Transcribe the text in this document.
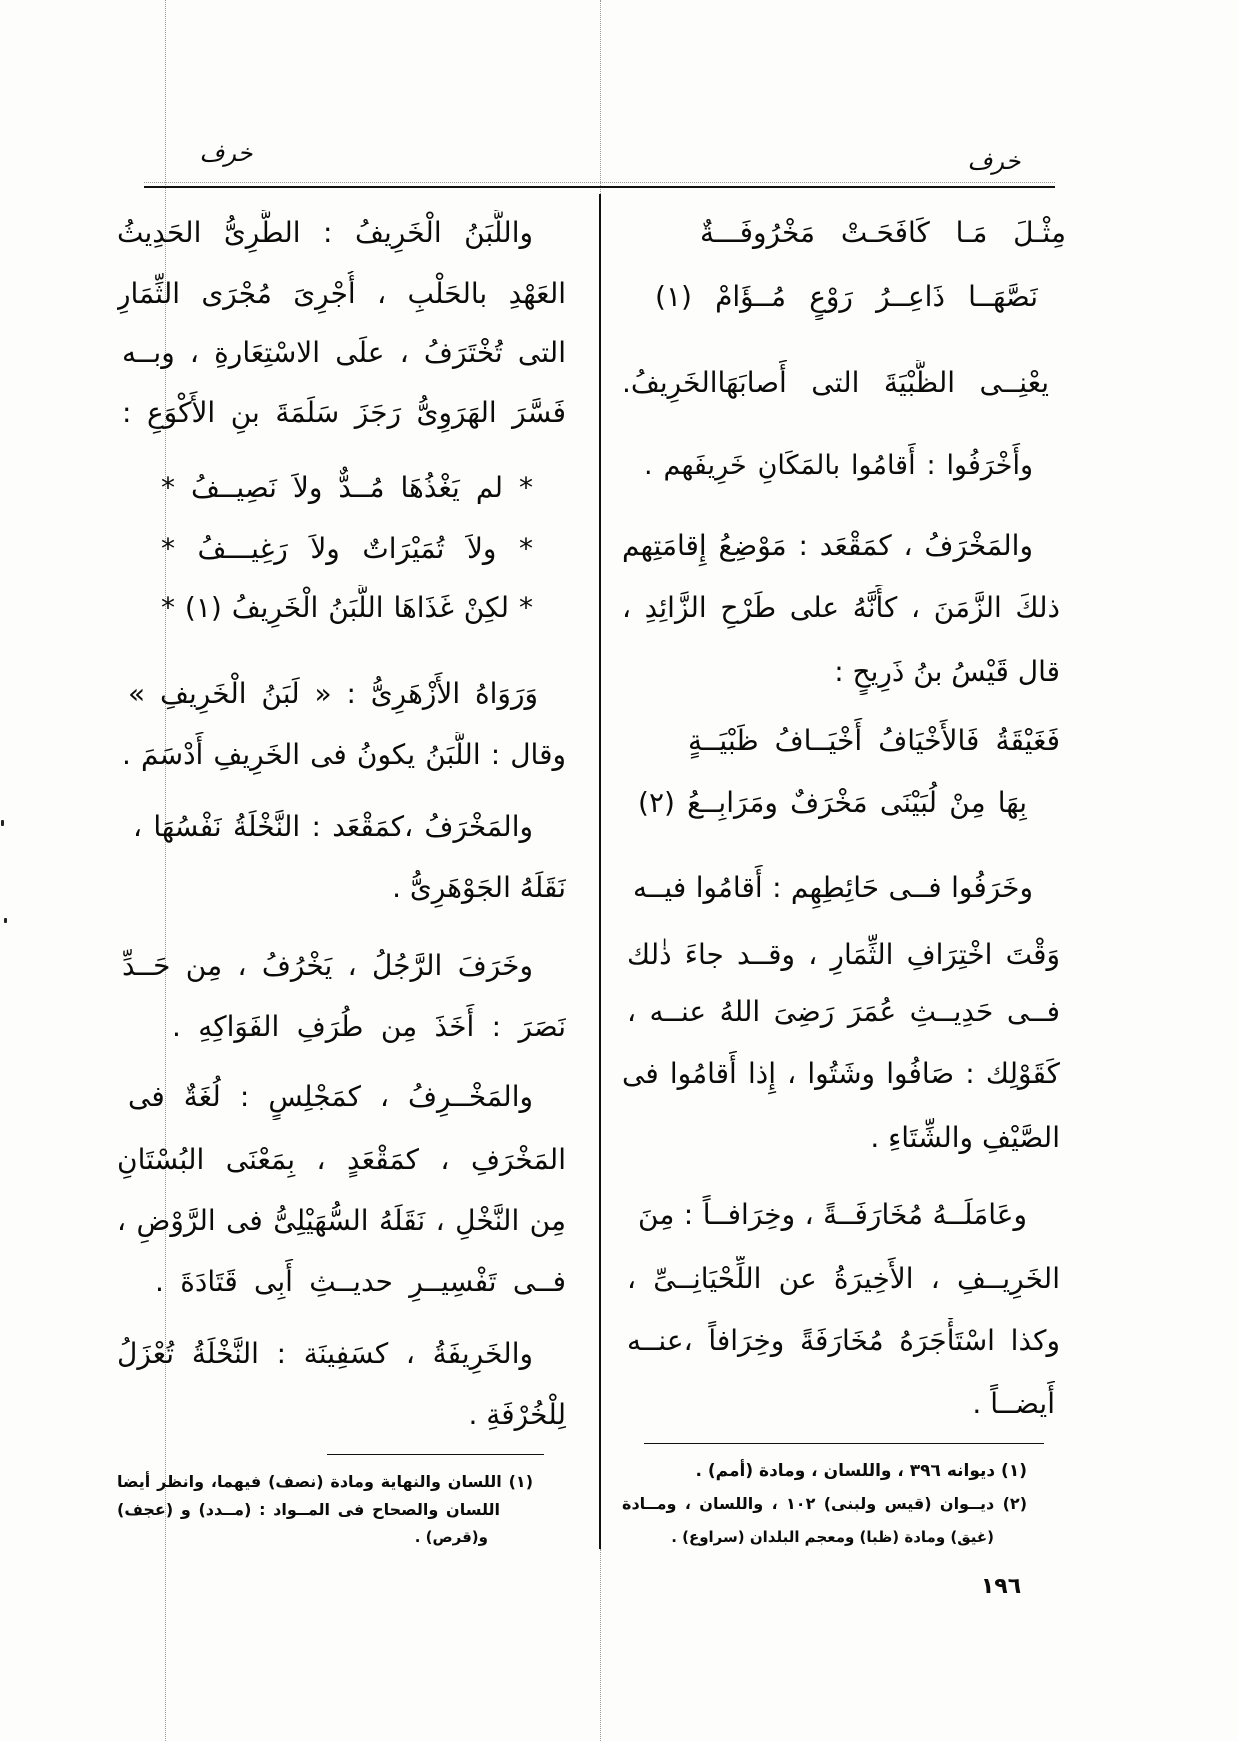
خرف
خرف
مِثْـلَ مَـا كَافَحَـتْ مَخْرُوفَـــةٌ
نَصَّهَــا ذَاعِــرُ رَوْعٍ مُــؤَامْ (١)
يعْنِــى الظَّبْيَةَ التى أَصابَهَاالخَرِيفُ.
وأَخْرَفُوا : أَقامُوا بالمَكَانِ خَرِيفَهم .
والمَخْرَفُ ، كمَقْعَد : مَوْضِعُ إِقامَتِهم
ذلكَ الزَّمَنَ ، كأَنَّهُ على طَرْحِ الزَّائِدِ ،
قال قَيْسُ بنُ ذَرِيحٍ :
فَغَيْقَةُ فَالأَخْيَافُ أَخْيَــافُ ظَبْيَــةٍ
بِهَا مِنْ لُبَيْنَى مَخْرَفٌ ومَرَابِــعُ (٢)
وخَرَفُوا فــى حَائِطِهِم : أَقامُوا فيــه
وَقْتَ اخْتِرَافِ الثِّمَارِ ، وقــد جاءَ ذٰلك
فــى حَدِيــثِ عُمَرَ رَضِىَ اللهُ عنــه ،
كَقَوْلِك : صَافُوا وشَتُوا ، إِذا أَقامُوا فى
الصَّيْفِ والشِّتَاءِ .
وعَامَلَــهُ مُخَارَفَــةً ، وخِرَافــاً : مِنَ
الخَرِيــفِ ، الأَخِيرَةُ عن اللِّحْيَانِــىِّ ،
وكذا اسْتَأْجَرَهُ مُخَارَفَةً وخِرَافاً ،عنــه
أَيضــاً .
(١) ديوانه ٣٩٦ ، واللسان ، ومادة (أمم) .
(٢) ديــوان (قيس ولبنى) ١٠٢ ، واللسان ، ومــادة
(غيق) ومادة (ظبا) ومعجم البلدان (سراوع) .
واللَّبَنُ الْخَرِيفُ : الطَّرِىُّ الحَدِيثُ
العَهْدِ بالحَلْبِ ، أُجْرِىَ مُجْرَى الثِّمَارِ
التى تُخْتَرَفُ ، علَى الاسْتِعَارةِ ، وبــه
فَسَّرَ الهَرَوِىُّ رَجَزَ سَلَمَةَ بنِ الأَكْوَعِ :
* لم يَغْذُهَا مُــدٌّ ولاَ نَصِيــفُ *
* ولاَ تُمَيْرَاتٌ ولاَ رَغِيـــفُ *
* لكِنْ غَذَاهَا اللَّبَنُ الْخَرِيفُ (١) *
وَرَوَاهُ الأَزْهَرِىُّ : « لَبَنُ الْخَرِيفِ »
وقال : اللَّبَنُ يكونُ فى الخَرِيفِ أَدْسَمَ .
والمَخْرَفُ ،كمَقْعَد : النَّخْلَةُ نَفْسُهَا ،
نَقَلَهُ الجَوْهَرِىُّ .
وخَرَفَ الرَّجُلُ ، يَخْرُفُ ، مِن حَــدِّ
نَصَرَ : أَخَذَ مِن طُرَفِ الفَوَاكِهِ .
والمَخْــرِفُ ، كمَجْلِسٍ : لُغَةٌ فى
المَخْرَفِ ، كمَقْعَدٍ ، بِمَعْنَى البُسْتَانِ
مِن النَّخْلِ ، نَقَلَهُ السُّهَيْلِىُّ فى الرَّوْضِ ،
فــى تَفْسِيــرِ حديــثِ أَبِى قَتَادَةَ .
والخَرِيفَةُ ، كسَفِينَة : النَّخْلَةُ تُعْزَلُ
لِلْخُرْفَةِ .
(١) اللسان والنهاية ومادة (نصف) فيهما، وانظر أيضا
اللسان والصحاح فى المــواد : (مــدد) و (عجف)
و(قرص) .
١٩٦
